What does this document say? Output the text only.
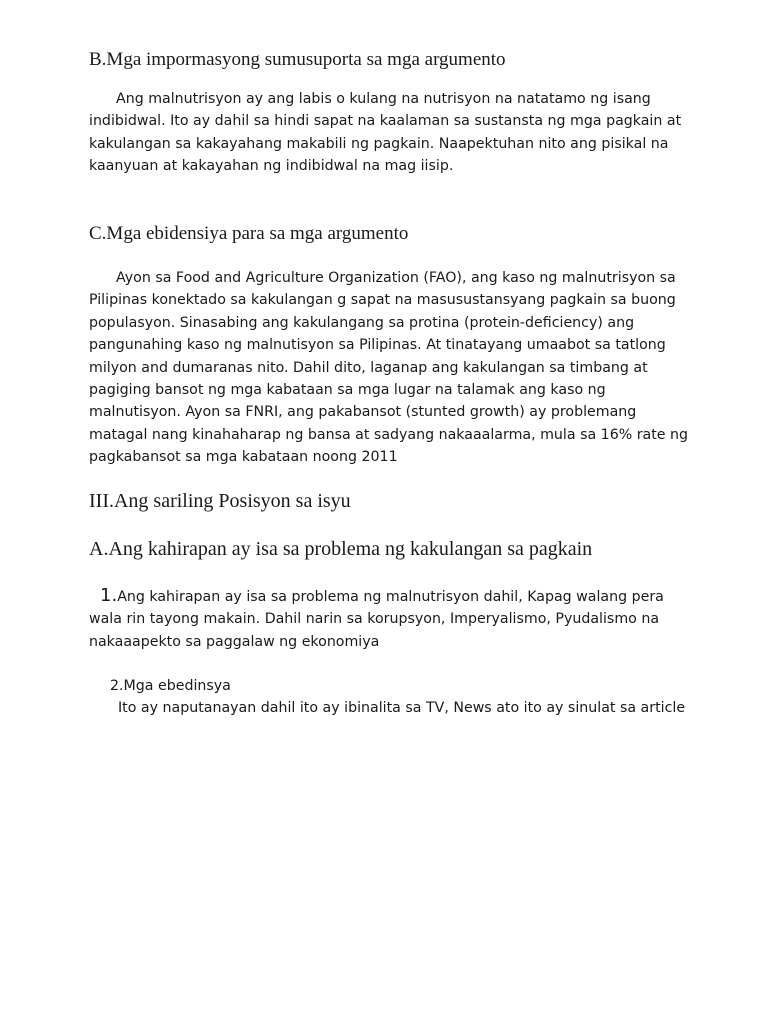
B.Mga impormasyong sumusuporta sa mga argumento

Ang malnutrisyon ay ang labis o kulang na nutrisyon na natatamo ng isang
indibidwal. Ito ay dahil sa hindi sapat na kaalaman sa sustansta ng mga pagkain at
kakulangan sa kakayahang makabili ng pagkain. Naapektuhan nito ang pisikal na
kaanyuan at kakayahan ng indibidwal na mag iisip.

C.Mga ebidensiya para sa mga argumento

Ayon sa Food and Agriculture Organization (FAO), ang kaso ng malnutrisyon sa
Pilipinas konektado sa kakulangan g sapat na masusustansyang pagkain sa buong
populasyon. Sinasabing ang kakulangang sa protina (protein-deficiency) ang
pangunahing kaso ng malnutisyon sa Pilipinas. At tinatayang umaabot sa tatlong
milyon and dumaranas nito. Dahil dito, laganap ang kakulangan sa timbang at
pagiging bansot ng mga kabataan sa mga lugar na talamak ang kaso ng
malnutisyon. Ayon sa FNRI, ang pakabansot (stunted growth) ay problemang
matagal nang kinahaharap ng bansa at sadyang nakaaalarma, mula sa 16% rate ng
pagkabansot sa mga kabataan noong 2011

III.Ang sariling Posisyon sa isyu
A.Ang kahirapan ay isa sa problema ng kakulangan sa pagkain

1.Ang kahirapan ay isa sa problema ng malnutrisyon dahil, Kapag walang pera
wala rin tayong makain. Dahil narin sa korupsyon, Imperyalismo, Pyudalismo na
nakaaapekto sa paggalaw ng ekonomiya

2.Mga ebedinsya

Ito ay naputanayan dahil ito ay ibinalita sa TV, News ato ito ay sinulat sa article
